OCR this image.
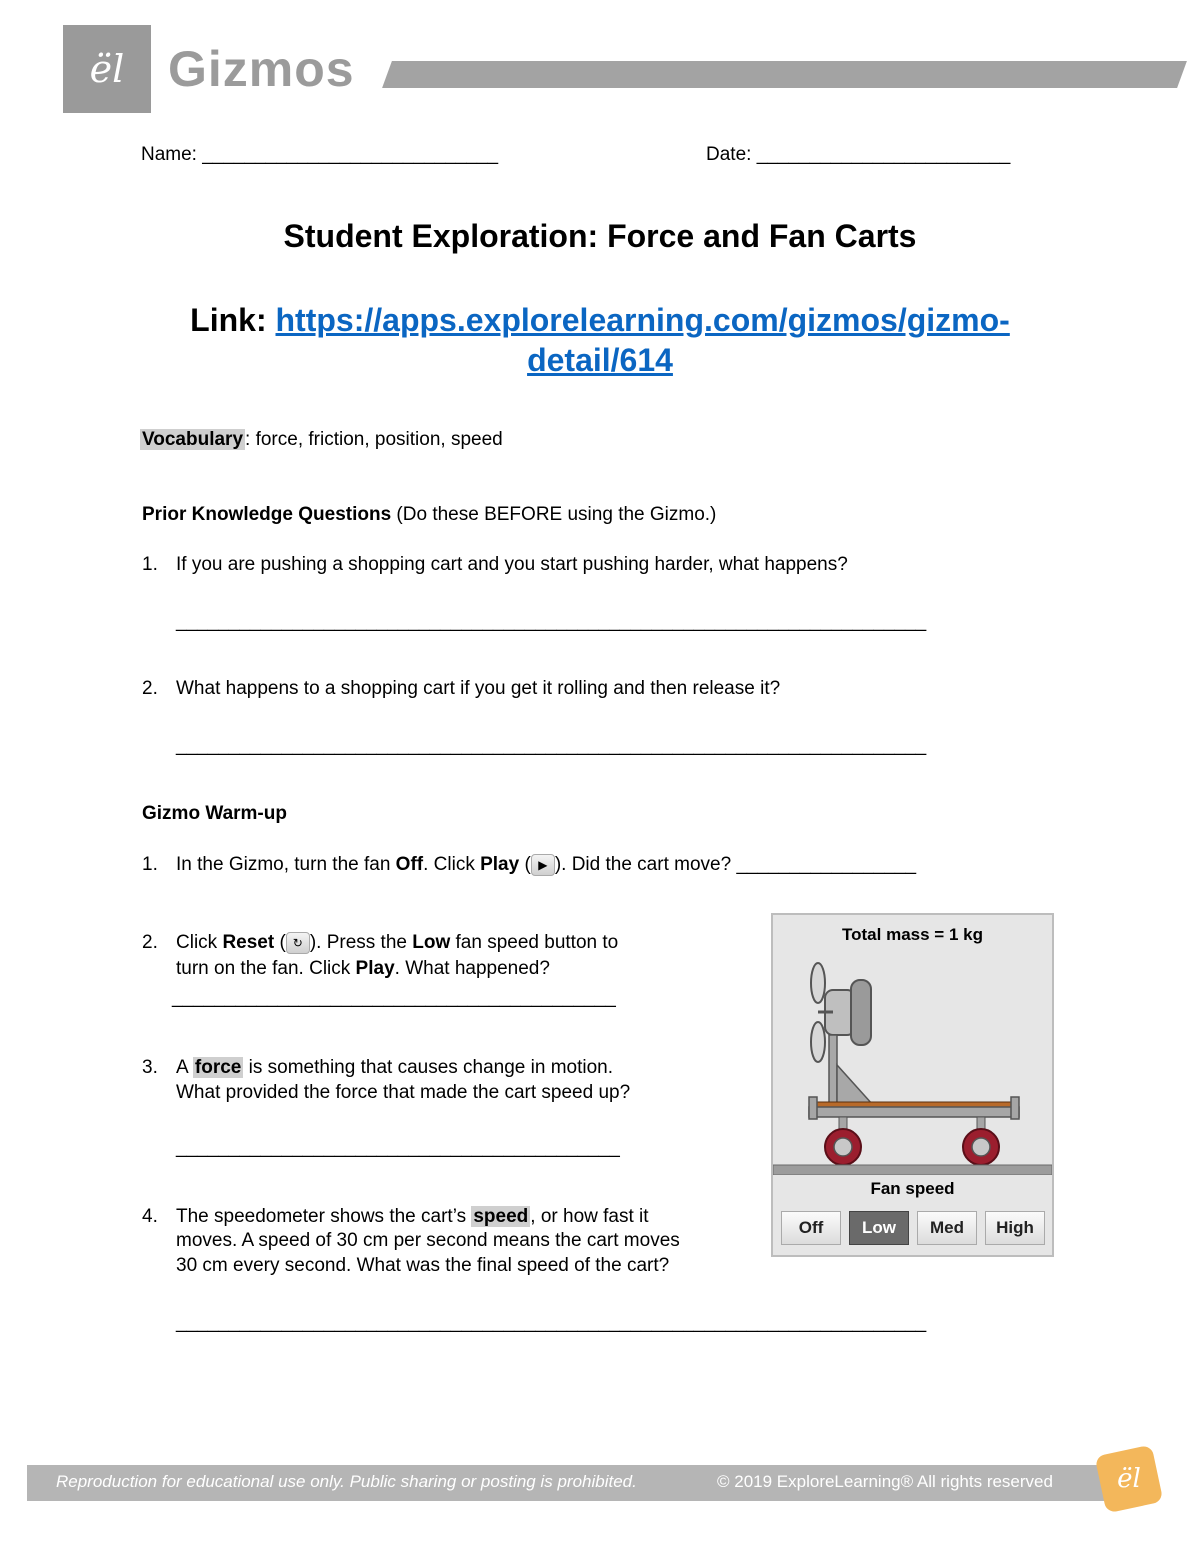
ël Gizmos
Name: ____________________________	Date: ________________________
Student Exploration: Force and Fan Carts
Link: https://apps.explorelearning.com/gizmos/gizmo-
detail/614
Vocabulary : force, friction, position, speed
Prior Knowledge Questions (Do these BEFORE using the Gizmo.)
1. If you are pushing a shopping cart and you start pushing harder, what happens?
_______________________________________________________________________
2. What happens to a shopping cart if you get it rolling and then release it?
_______________________________________________________________________
Gizmo Warm-up
1. In the Gizmo, turn the fan Off. Click Play ( ▶ ). Did the cart move? _________________
2. Click Reset ( ↻ ). Press the Low fan speed button to
turn on the fan. Click Play. What happened?
__________________________________________
3. A force is something that causes change in motion.
What provided the force that made the cart speed up?
__________________________________________
4. The speedometer shows the cart’s speed , or how fast it
moves. A speed of 30 cm per second means the cart moves
30 cm every second. What was the final speed of the cart?
_______________________________________________________________________
Total mass = 1 kg
Fan speed
Off	Low	Med	High
Reproduction for educational use only. Public sharing or posting is prohibited.	© 2019 ExploreLearning® All rights reserved	ël
